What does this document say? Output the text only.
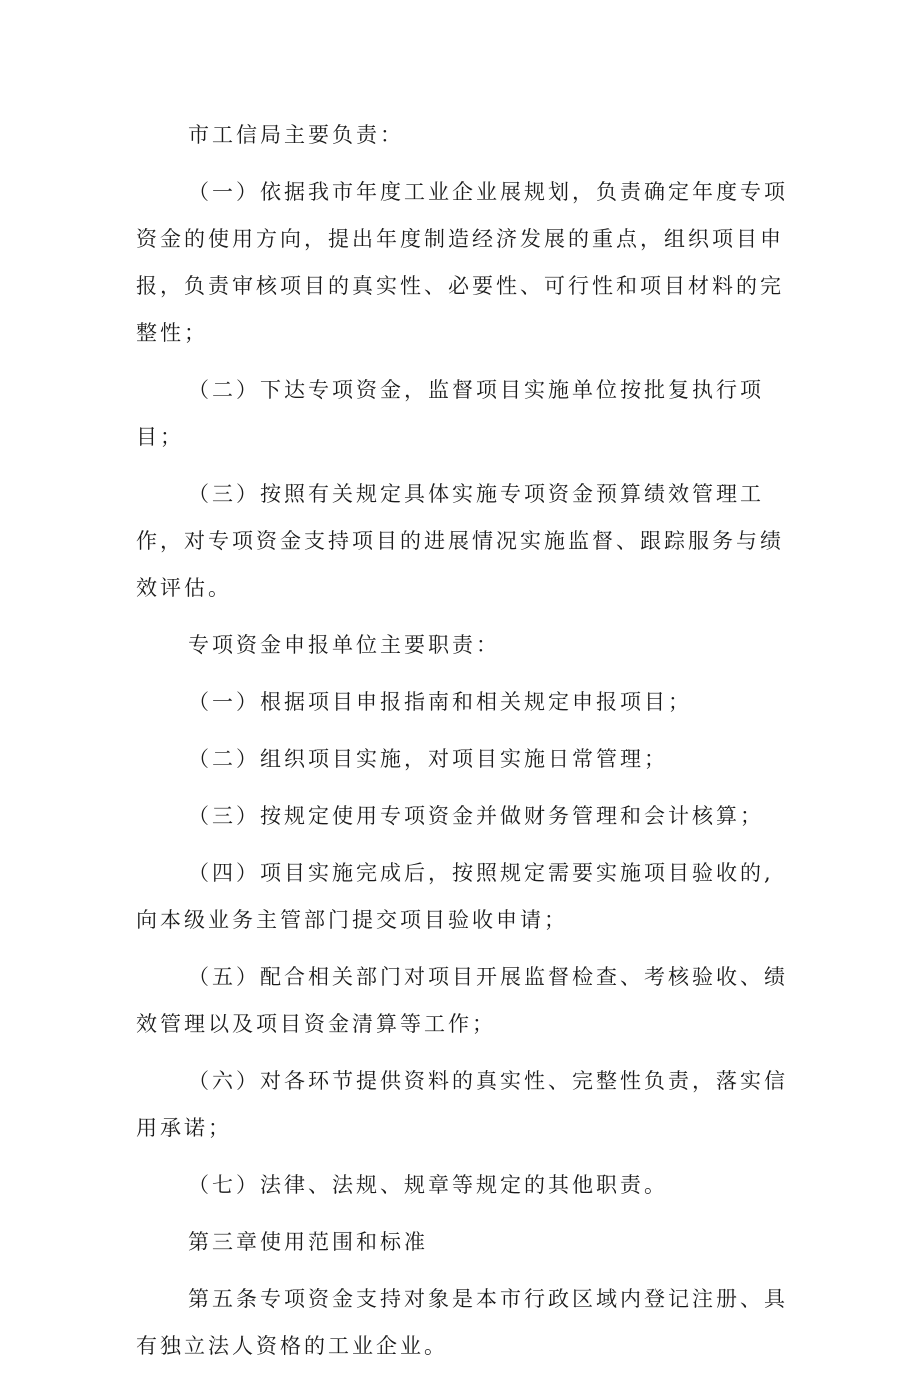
市工信局主要负责：

（一）依据我市年度工业企业展规划，负责确定年度专项资金的使用方向，提出年度制造经济发展的重点，组织项目申报，负责审核项目的真实性、必要性、可行性和项目材料的完整性；

（二）下达专项资金，监督项目实施单位按批复执行项目；

（三）按照有关规定具体实施专项资金预算绩效管理工作，对专项资金支持项目的进展情况实施监督、跟踪服务与绩效评估。

专项资金申报单位主要职责：

（一）根据项目申报指南和相关规定申报项目；

（二）组织项目实施，对项目实施日常管理；

（三）按规定使用专项资金并做财务管理和会计核算；

（四）项目实施完成后，按照规定需要实施项目验收的,向本级业务主管部门提交项目验收申请；

（五）配合相关部门对项目开展监督检查、考核验收、绩效管理以及项目资金清算等工作；

（六）对各环节提供资料的真实性、完整性负责，落实信用承诺；

（七）法律、法规、规章等规定的其他职责。

第三章使用范围和标准

第五条专项资金支持对象是本市行政区域内登记注册、具有独立法人资格的工业企业。
